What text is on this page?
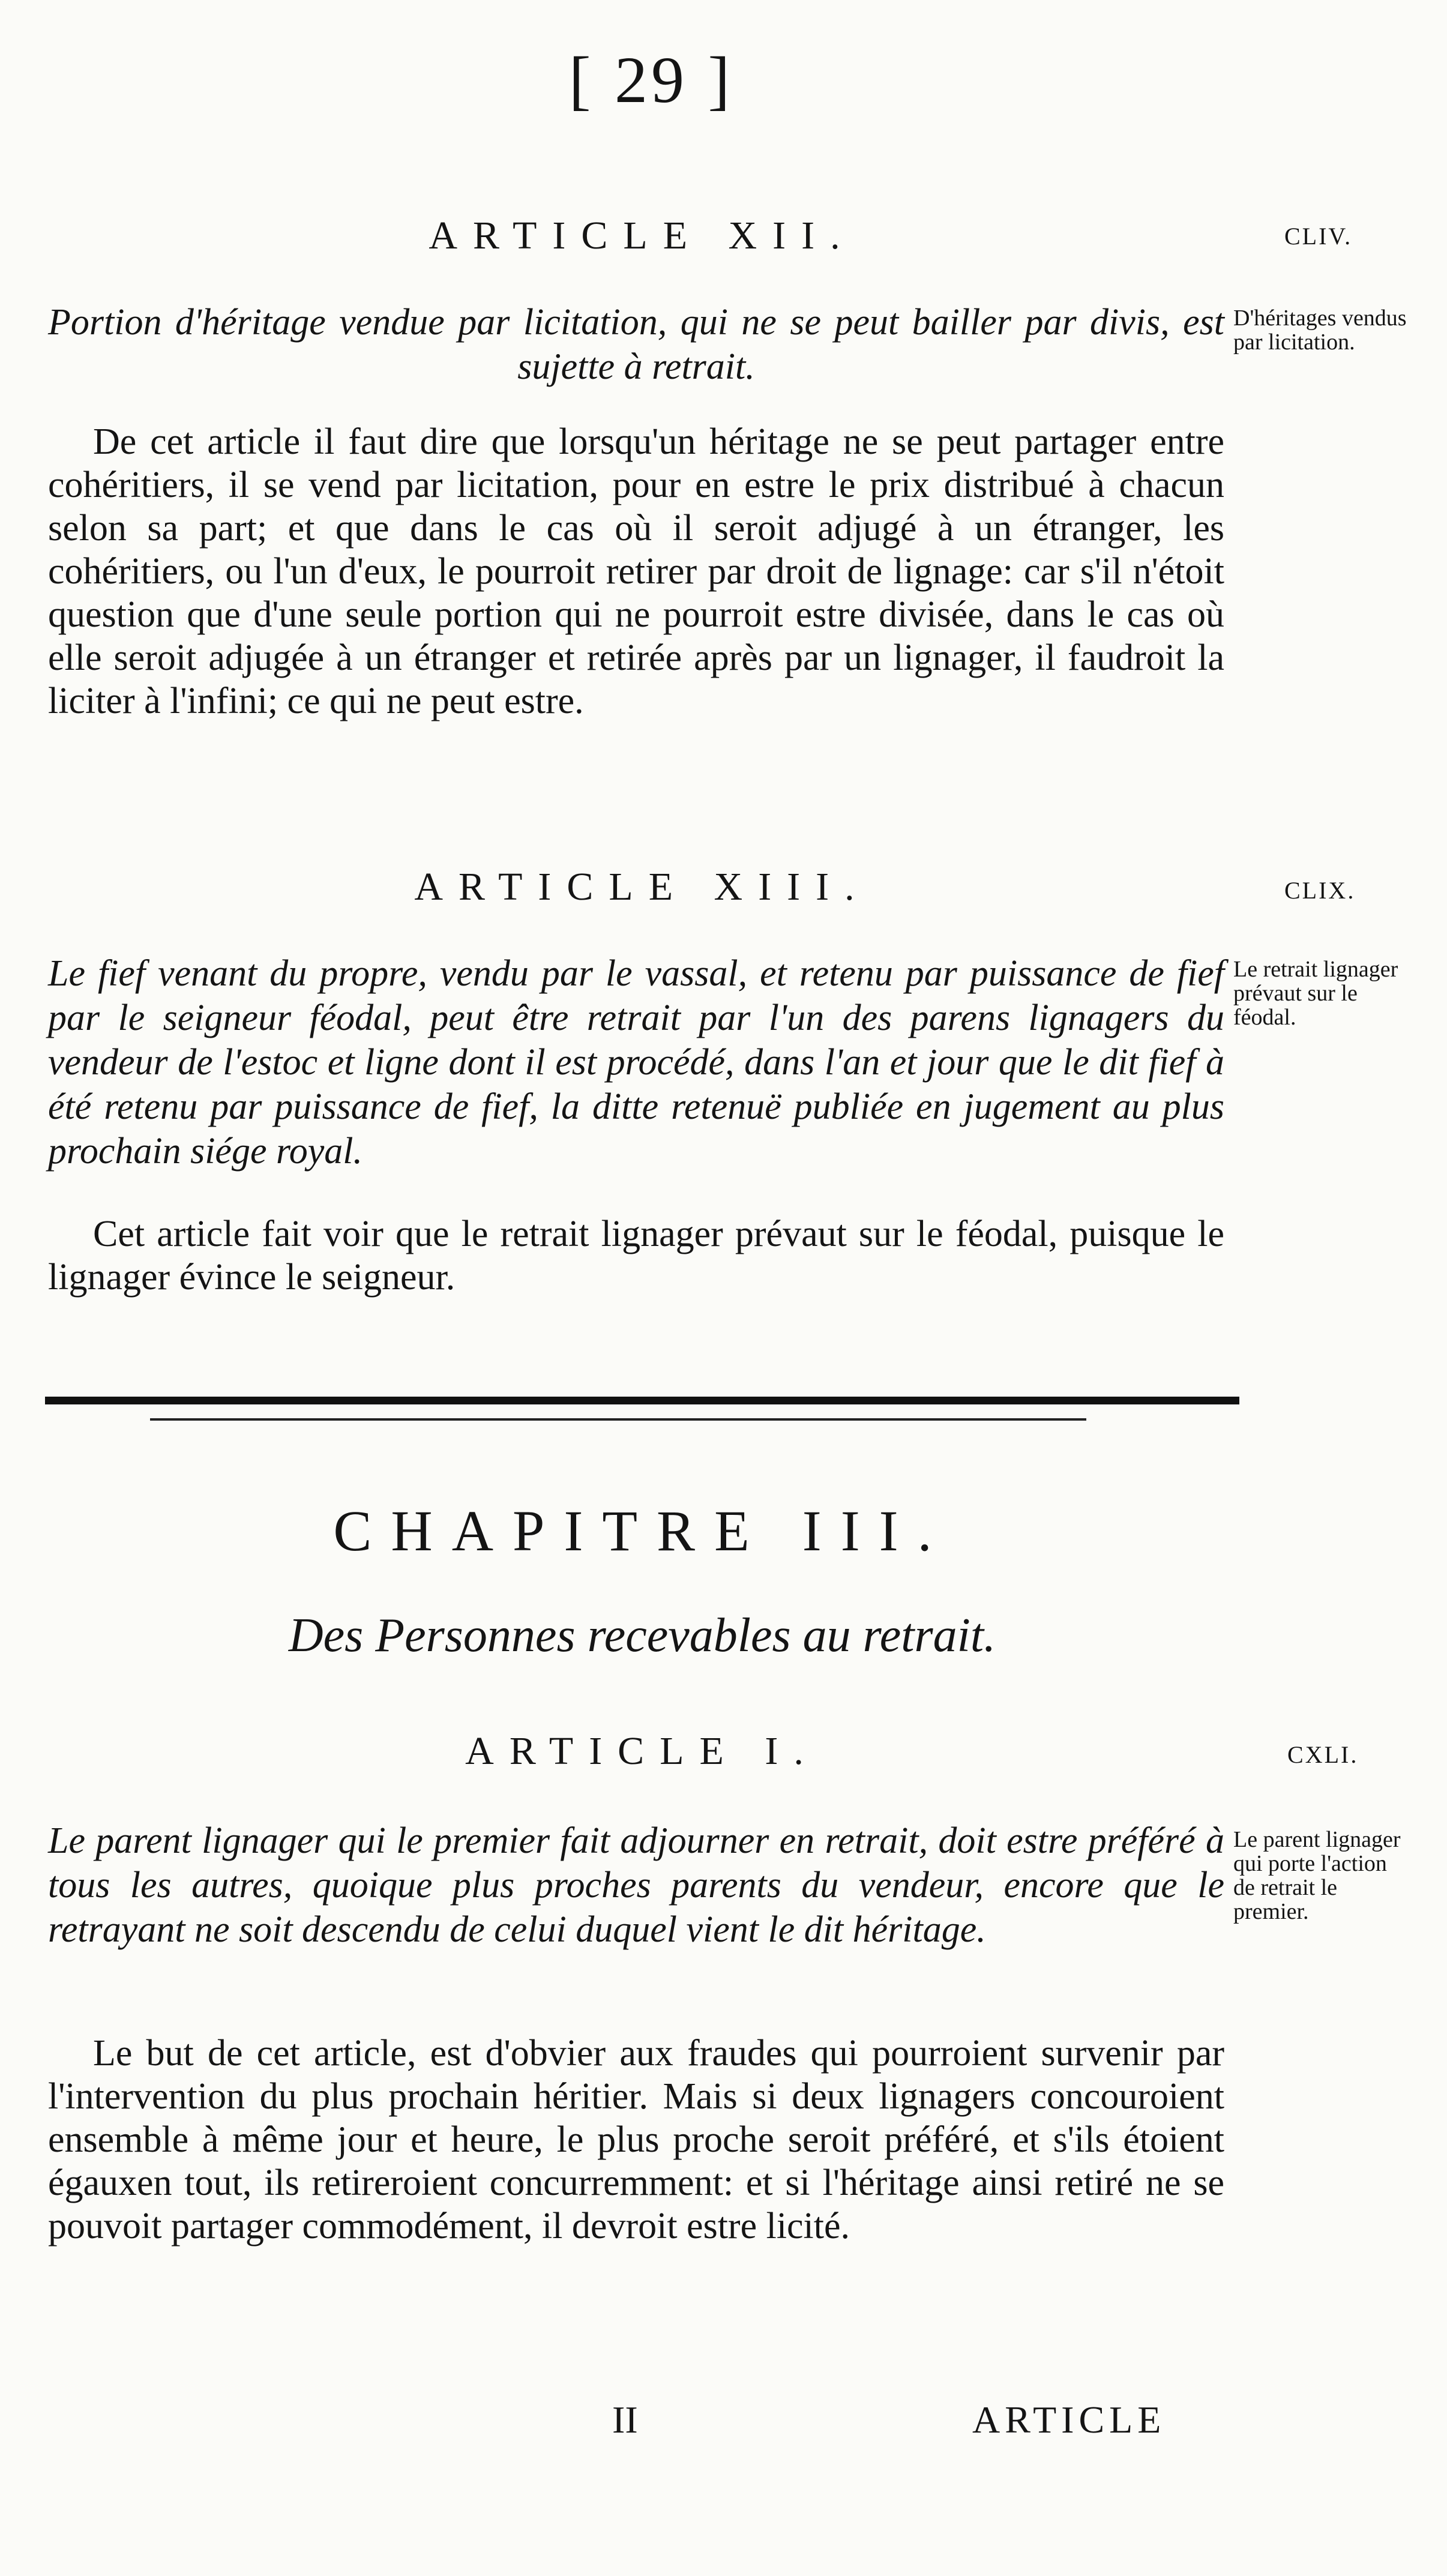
[ 29 ]
ARTICLE XII.	CLIV.

Portion d'héritage vendue par licitation, qui ne se peut bailler par divis, est sujette à retrait.

D'héritages vendus par licitation.

De cet article il faut dire que lorsqu'un héritage ne se peut partager entre cohéritiers, il se vend par licitation, pour en estre le prix distribué à chacun selon sa part; et que dans le cas où il seroit adjugé à un étranger, les cohéritiers, ou l'un d'eux, le pourroit retirer par droit de lignage: car s'il n'étoit question que d'une seule portion qui ne pourroit estre divisée, dans le cas où elle seroit adjugée à un étranger et retirée après par un lignager, il faudroit la liciter à l'infini; ce qui ne peut estre.

ARTICLE XIII.	CLIX.

Le fief venant du propre, vendu par le vassal, et retenu par puissance de fief par le seigneur féodal, peut être retrait par l'un des parens lignagers du vendeur de l'estoc et ligne dont il est procédé, dans l'an et jour que le dit fief à été retenu par puissance de fief, la ditte retenuë publiée en jugement au plus prochain siége royal.

Le retrait lignager prévaut sur le féodal.

Cet article fait voir que le retrait lignager prévaut sur le féodal, puisque le lignager évince le seigneur.

CHAPITRE III.
Des Personnes recevables au retrait.
ARTICLE I.	CXLI.

Le parent lignager qui le premier fait adjourner en retrait, doit estre préféré à tous les autres, quoique plus proches parents du vendeur, encore que le retrayant ne soit descendu de celui duquel vient le dit héritage.

Le parent lignager qui porte l'action de retrait le premier.

Le but de cet article, est d'obvier aux fraudes qui pourroient survenir par l'intervention du plus prochain héritier. Mais si deux lignagers concouroient ensemble à même jour et heure, le plus proche seroit préféré, et s'ils étoient égauxen tout, ils retireroient concurremment: et si l'héritage ainsi retiré ne se pouvoit partager commodément, il devroit estre licité.

II	ARTICLE
